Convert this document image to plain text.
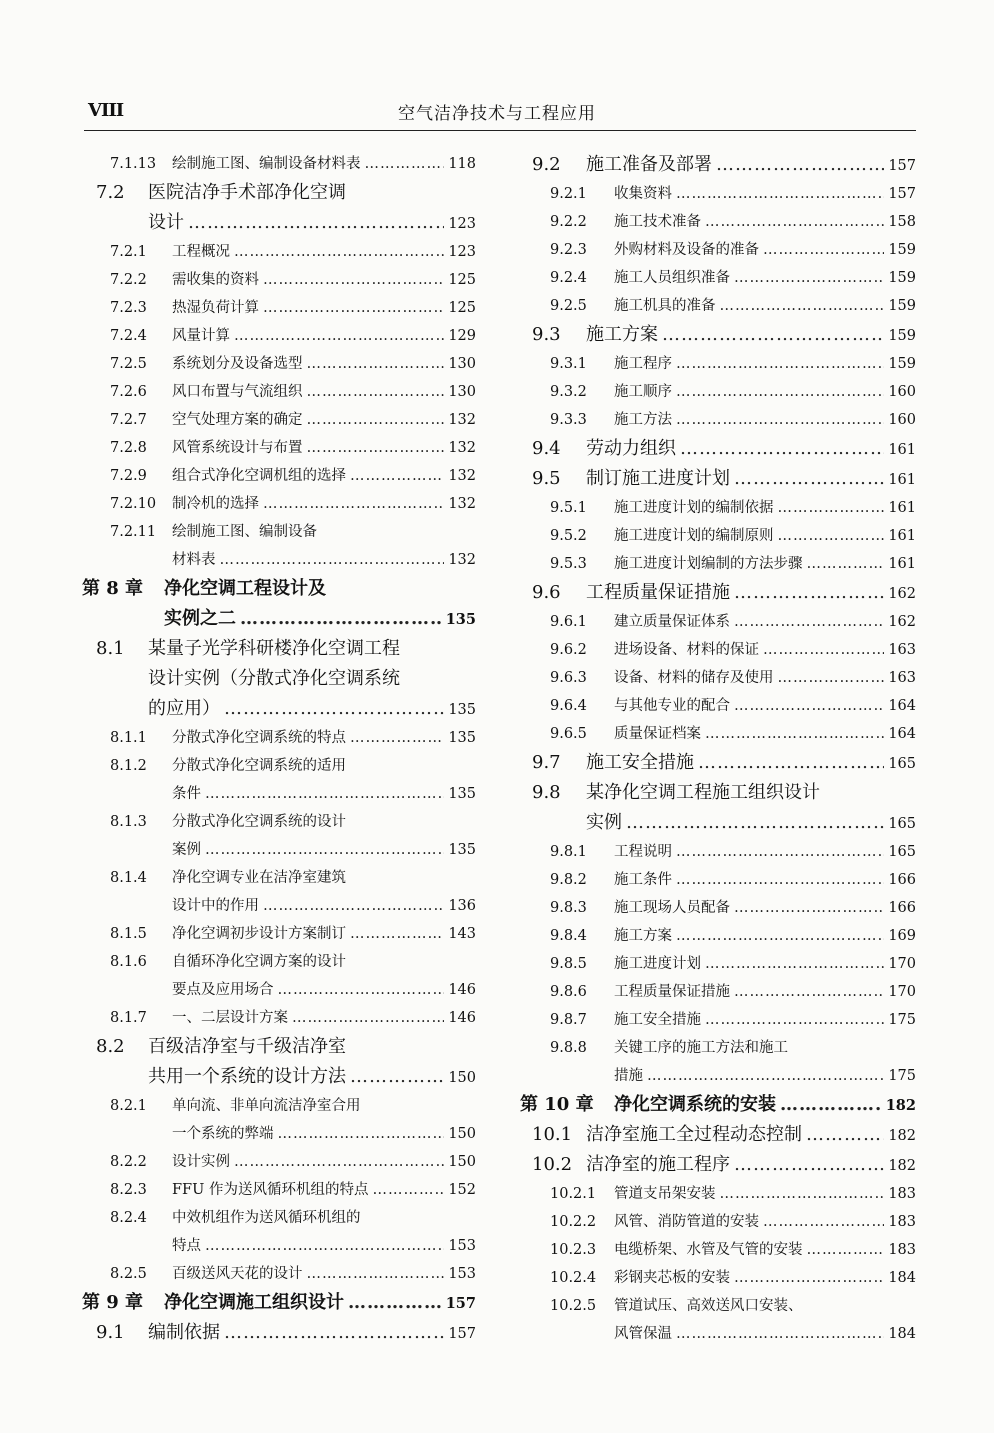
VIII	空气洁净技术与工程应用
7.1.13	绘制施工图、编制设备材料表 …………………………………………………………………………………………………………………………………………………………………………………………	118
7.2	医院洁净手术部净化空调
设计 …………………………………………………………………………………………………………………………………………………………………………………………	123
7.2.1	工程概况 …………………………………………………………………………………………………………………………………………………………………………………………	123
7.2.2	需收集的资料 …………………………………………………………………………………………………………………………………………………………………………………………	125
7.2.3	热湿负荷计算 …………………………………………………………………………………………………………………………………………………………………………………………	125
7.2.4	风量计算 …………………………………………………………………………………………………………………………………………………………………………………………	129
7.2.5	系统划分及设备选型 …………………………………………………………………………………………………………………………………………………………………………………………	130
7.2.6	风口布置与气流组织 …………………………………………………………………………………………………………………………………………………………………………………………	130
7.2.7	空气处理方案的确定 …………………………………………………………………………………………………………………………………………………………………………………………	132
7.2.8	风管系统设计与布置 …………………………………………………………………………………………………………………………………………………………………………………………	132
7.2.9	组合式净化空调机组的选择 …………………………………………………………………………………………………………………………………………………………………………………………	132
7.2.10	制冷机的选择 …………………………………………………………………………………………………………………………………………………………………………………………	132
7.2.11	绘制施工图、编制设备
材料表 …………………………………………………………………………………………………………………………………………………………………………………………	132
第 8 章	净化空调工程设计及
实例之二 …………………………………………………………………………………………………………………………………………………………………………………………	135
8.1	某量子光学科研楼净化空调工程
设计实例（分散式净化空调系统
的应用） …………………………………………………………………………………………………………………………………………………………………………………………	135
8.1.1	分散式净化空调系统的特点 …………………………………………………………………………………………………………………………………………………………………………………………	135
8.1.2	分散式净化空调系统的适用
条件 …………………………………………………………………………………………………………………………………………………………………………………………	135
8.1.3	分散式净化空调系统的设计
案例 …………………………………………………………………………………………………………………………………………………………………………………………	135
8.1.4	净化空调专业在洁净室建筑
设计中的作用 …………………………………………………………………………………………………………………………………………………………………………………………	136
8.1.5	净化空调初步设计方案制订 …………………………………………………………………………………………………………………………………………………………………………………………	143
8.1.6	自循环净化空调方案的设计
要点及应用场合 …………………………………………………………………………………………………………………………………………………………………………………………	146
8.1.7	一、二层设计方案 …………………………………………………………………………………………………………………………………………………………………………………………	146
8.2	百级洁净室与千级洁净室
共用一个系统的设计方法 …………………………………………………………………………………………………………………………………………………………………………………………	150
8.2.1	单向流、非单向流洁净室合用
一个系统的弊端 …………………………………………………………………………………………………………………………………………………………………………………………	150
8.2.2	设计实例 …………………………………………………………………………………………………………………………………………………………………………………………	150
8.2.3	FFU 作为送风循环机组的特点 …………………………………………………………………………………………………………………………………………………………………………………………	152
8.2.4	中效机组作为送风循环机组的
特点 …………………………………………………………………………………………………………………………………………………………………………………………	153
8.2.5	百级送风天花的设计 …………………………………………………………………………………………………………………………………………………………………………………………	153
第 9 章	净化空调施工组织设计 …………………………………………………………………………………………………………………………………………………………………………………………	157
9.1	编制依据 …………………………………………………………………………………………………………………………………………………………………………………………	157
9.2	施工准备及部署 …………………………………………………………………………………………………………………………………………………………………………………………	157
9.2.1	收集资料 …………………………………………………………………………………………………………………………………………………………………………………………	157
9.2.2	施工技术准备 …………………………………………………………………………………………………………………………………………………………………………………………	158
9.2.3	外购材料及设备的准备 …………………………………………………………………………………………………………………………………………………………………………………………	159
9.2.4	施工人员组织准备 …………………………………………………………………………………………………………………………………………………………………………………………	159
9.2.5	施工机具的准备 …………………………………………………………………………………………………………………………………………………………………………………………	159
9.3	施工方案 …………………………………………………………………………………………………………………………………………………………………………………………	159
9.3.1	施工程序 …………………………………………………………………………………………………………………………………………………………………………………………	159
9.3.2	施工顺序 …………………………………………………………………………………………………………………………………………………………………………………………	160
9.3.3	施工方法 …………………………………………………………………………………………………………………………………………………………………………………………	160
9.4	劳动力组织 …………………………………………………………………………………………………………………………………………………………………………………………	161
9.5	制订施工进度计划 …………………………………………………………………………………………………………………………………………………………………………………………	161
9.5.1	施工进度计划的编制依据 …………………………………………………………………………………………………………………………………………………………………………………………	161
9.5.2	施工进度计划的编制原则 …………………………………………………………………………………………………………………………………………………………………………………………	161
9.5.3	施工进度计划编制的方法步骤 …………………………………………………………………………………………………………………………………………………………………………………………	161
9.6	工程质量保证措施 …………………………………………………………………………………………………………………………………………………………………………………………	162
9.6.1	建立质量保证体系 …………………………………………………………………………………………………………………………………………………………………………………………	162
9.6.2	进场设备、材料的保证 …………………………………………………………………………………………………………………………………………………………………………………………	163
9.6.3	设备、材料的储存及使用 …………………………………………………………………………………………………………………………………………………………………………………………	163
9.6.4	与其他专业的配合 …………………………………………………………………………………………………………………………………………………………………………………………	164
9.6.5	质量保证档案 …………………………………………………………………………………………………………………………………………………………………………………………	164
9.7	施工安全措施 …………………………………………………………………………………………………………………………………………………………………………………………	165
9.8	某净化空调工程施工组织设计
实例 …………………………………………………………………………………………………………………………………………………………………………………………	165
9.8.1	工程说明 …………………………………………………………………………………………………………………………………………………………………………………………	165
9.8.2	施工条件 …………………………………………………………………………………………………………………………………………………………………………………………	166
9.8.3	施工现场人员配备 …………………………………………………………………………………………………………………………………………………………………………………………	166
9.8.4	施工方案 …………………………………………………………………………………………………………………………………………………………………………………………	169
9.8.5	施工进度计划 …………………………………………………………………………………………………………………………………………………………………………………………	170
9.8.6	工程质量保证措施 …………………………………………………………………………………………………………………………………………………………………………………………	170
9.8.7	施工安全措施 …………………………………………………………………………………………………………………………………………………………………………………………	175
9.8.8	关键工序的施工方法和施工
措施 …………………………………………………………………………………………………………………………………………………………………………………………	175
第 10 章	净化空调系统的安装 …………………………………………………………………………………………………………………………………………………………………………………………	182
10.1 洁净室施工全过程动态控制 …………………………………………………………………………………………………………………………………………………………………………………………	182
10.2 洁净室的施工程序 …………………………………………………………………………………………………………………………………………………………………………………………	182
10.2.1	管道支吊架安装 …………………………………………………………………………………………………………………………………………………………………………………………	183
10.2.2	风管、消防管道的安装 …………………………………………………………………………………………………………………………………………………………………………………………	183
10.2.3	电缆桥架、水管及气管的安装 …………………………………………………………………………………………………………………………………………………………………………………………	183
10.2.4	彩钢夹芯板的安装 …………………………………………………………………………………………………………………………………………………………………………………………	184
10.2.5	管道试压、高效送风口安装、
风管保温 …………………………………………………………………………………………………………………………………………………………………………………………	184
